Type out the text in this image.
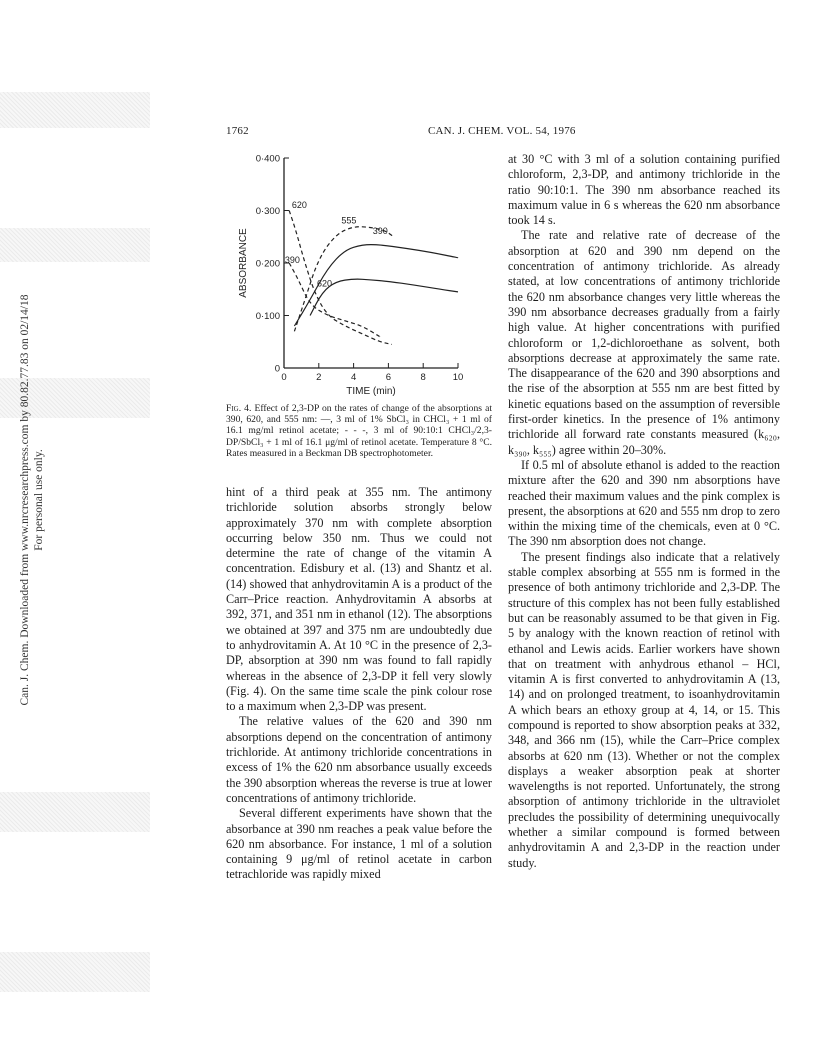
Can. J. Chem. Downloaded from www.nrcresearchpress.com by 80.82.77.83 on 02/14/18 For personal use only.
1762	CAN. J. CHEM. VOL. 54, 1976
0
0·100
0·200
0·300
0·400
0	2	4	6	8	10
TIME (min)
ABSORBANCE
620
555
390
390
620
Fig. 4. Effect of 2,3-DP on the rates of change of the absorptions at 390, 620, and 555 nm: —, 3 ml of 1% SbCl₃ in CHCl₃ + 1 ml of 16.1 mg/ml retinol acetate; - - -, 3 ml of 90:10:1 CHCl₃/2,3-DP/SbCl₃ + 1 ml of 16.1 μg/ml of retinol acetate. Temperature 8 °C. Rates measured in a Beckman DB spectrophotometer.

hint of a third peak at 355 nm. The antimony trichloride solution absorbs strongly below approximately 370 nm with complete absorption occurring below 350 nm. Thus we could not determine the rate of change of the vitamin A concentration. Edisbury et al. (13) and Shantz et al. (14) showed that anhydrovitamin A is a product of the Carr–Price reaction. Anhydrovitamin A absorbs at 392, 371, and 351 nm in ethanol (12). The absorptions we obtained at 397 and 375 nm are undoubtedly due to anhydrovitamin A. At 10 °C in the presence of 2,3-DP, absorption at 390 nm was found to fall rapidly whereas in the absence of 2,3-DP it fell very slowly (Fig. 4). On the same time scale the pink colour rose to a maximum when 2,3-DP was present.

The relative values of the 620 and 390 nm absorptions depend on the concentration of antimony trichloride. At antimony trichloride concentrations in excess of 1% the 620 nm absorbance usually exceeds the 390 absorption whereas the reverse is true at lower concentrations of antimony trichloride.

Several different experiments have shown that the absorbance at 390 nm reaches a peak value before the 620 nm absorbance. For instance, 1 ml of a solution containing 9 μg/ml of retinol acetate in carbon tetrachloride was rapidly mixed

at 30 °C with 3 ml of a solution containing purified chloroform, 2,3-DP, and antimony trichloride in the ratio 90:10:1. The 390 nm absorbance reached its maximum value in 6 s whereas the 620 nm absorbance took 14 s.

The rate and relative rate of decrease of the absorption at 620 and 390 nm depend on the concentration of antimony trichloride. As already stated, at low concentrations of antimony trichloride the 620 nm absorbance changes very little whereas the 390 nm absorbance decreases gradually from a fairly high value. At higher concentrations with purified chloroform or 1,2-dichloroethane as solvent, both absorptions decrease at approximately the same rate. The disappearance of the 620 and 390 absorptions and the rise of the absorption at 555 nm are best fitted by kinetic equations based on the assumption of reversible first-order kinetics. In the presence of 1% antimony trichloride all forward rate constants measured (k₆₂₀, k₃₉₀, k₅₅₅) agree within 20–30%.

If 0.5 ml of absolute ethanol is added to the reaction mixture after the 620 and 390 nm absorptions have reached their maximum values and the pink complex is present, the absorptions at 620 and 555 nm drop to zero within the mixing time of the chemicals, even at 0 °C. The 390 nm absorption does not change.

The present findings also indicate that a relatively stable complex absorbing at 555 nm is formed in the presence of both antimony trichloride and 2,3-DP. The structure of this complex has not been fully established but can be reasonably assumed to be that given in Fig. 5 by analogy with the known reaction of retinol with ethanol and Lewis acids. Earlier workers have shown that on treatment with anhydrous ethanol – HCl, vitamin A is first converted to anhydrovitamin A (13, 14) and on prolonged treatment, to isoanhydrovitamin A which bears an ethoxy group at 4, 14, or 15. This compound is reported to show absorption peaks at 332, 348, and 366 nm (15), while the Carr–Price complex absorbs at 620 nm (13). Whether or not the complex displays a weaker absorption peak at shorter wavelengths is not reported. Unfortunately, the strong absorption of antimony trichloride in the ultraviolet precludes the possibility of determining unequivocally whether a similar compound is formed between anhydrovitamin A and 2,3-DP in the reaction under study.
